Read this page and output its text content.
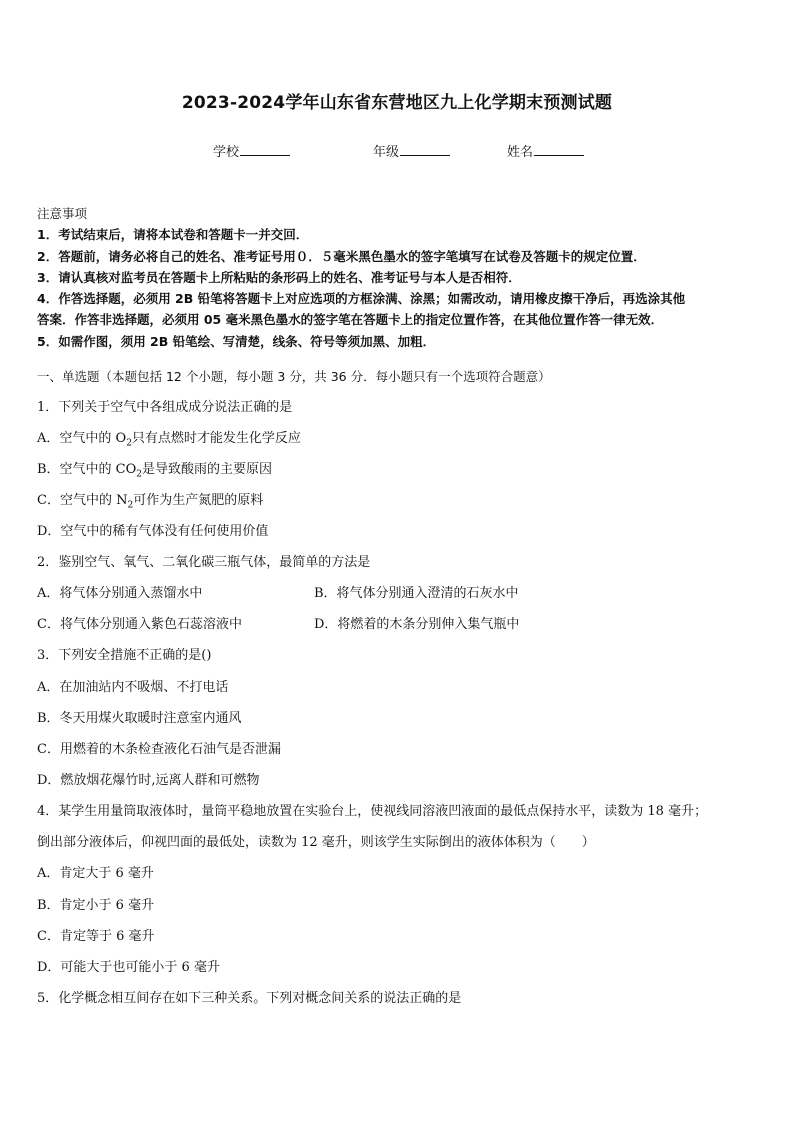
2023-2024学年山东省东营地区九上化学期末预测试题
学校	年级	姓名
注意事项
1．考试结束后，请将本试卷和答题卡一并交回．
2．答题前，请务必将自己的姓名、准考证号用０．５毫米黑色墨水的签字笔填写在试卷及答题卡的规定位置．
3．请认真核对监考员在答题卡上所粘贴的条形码上的姓名、准考证号与本人是否相符．
4．作答选择题，必须用 2B 铅笔将答题卡上对应选项的方框涂满、涂黑；如需改动，请用橡皮擦干净后，再选涂其他
答案．作答非选择题，必须用 05 毫米黑色墨水的签字笔在答题卡上的指定位置作答，在其他位置作答一律无效．
5．如需作图，须用 2B 铅笔绘、写清楚，线条、符号等须加黑、加粗．
一、单选题（本题包括 12 个小题，每小题 3 分，共 36 分．每小题只有一个选项符合题意）
1．下列关于空气中各组成成分说法正确的是
A．空气中的 $O_2$只有点燃时才能发生化学反应
B．空气中的 $CO_2$是导致酸雨的主要原因
C．空气中的 $N_2$可作为生产氮肥的原料
D．空气中的稀有气体没有任何使用价值
2．鉴别空气、氧气、二氧化碳三瓶气体，最简单的方法是
A．将气体分别通入蒸馏水中	B．将气体分别通入澄清的石灰水中
C．将气体分别通入紫色石蕊溶液中	D．将燃着的木条分别伸入集气瓶中
3．下列安全措施不正确的是()
A．在加油站内不吸烟、不打电话
B．冬天用煤火取暖时注意室内通风
C．用燃着的木条检查液化石油气是否泄漏
D．燃放烟花爆竹时,远离人群和可燃物
4．某学生用量筒取液体时，量筒平稳地放置在实验台上，使视线同溶液凹液面的最低点保持水平，读数为 18 毫升；
倒出部分液体后，仰视凹面的最低处，读数为 12 毫升，则该学生实际倒出的液体体积为（　　）
A．肯定大于 6 毫升
B．肯定小于 6 毫升
C．肯定等于 6 毫升
D．可能大于也可能小于 6 毫升
5．化学概念相互间存在如下三种关系。下列对概念间关系的说法正确的是
